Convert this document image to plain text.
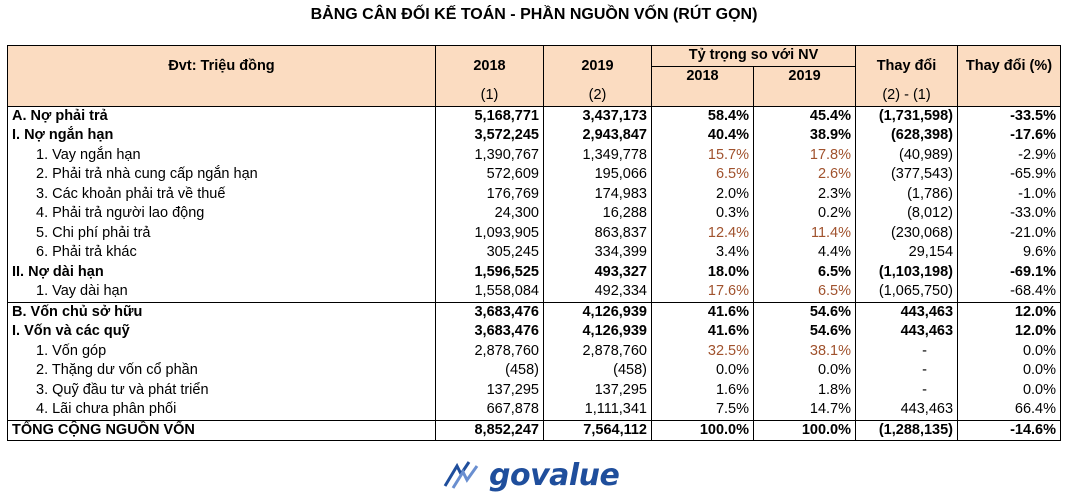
BẢNG CÂN ĐỐI KẾ TOÁN - PHẦN NGUỒN VỐN (RÚT GỌN)
Đvt: Triệu đồng	2018	2019	Tỷ trọng so với NV		Thay đổi	Thay đổi (%)
			2018	2019		
	(1)	(2)			(2) - (1)	
A. Nợ phải trả	5,168,771	3,437,173	58.4%	45.4%	(1,731,598)	-33.5%
I. Nợ ngắn hạn	3,572,245	2,943,847	40.4%	38.9%	(628,398)	-17.6%
1. Vay ngắn hạn	1,390,767	1,349,778	15.7%	17.8%	(40,989)	-2.9%
2. Phải trả nhà cung cấp ngắn hạn	572,609	195,066	6.5%	2.6%	(377,543)	-65.9%
3. Các khoản phải trả về thuế	176,769	174,983	2.0%	2.3%	(1,786)	-1.0%
4. Phải trả người lao động	24,300	16,288	0.3%	0.2%	(8,012)	-33.0%
5. Chi phí phải trả	1,093,905	863,837	12.4%	11.4%	(230,068)	-21.0%
6. Phải trả khác	305,245	334,399	3.4%	4.4%	29,154	9.6%
II. Nợ dài hạn	1,596,525	493,327	18.0%	6.5%	(1,103,198)	-69.1%
1. Vay dài hạn	1,558,084	492,334	17.6%	6.5%	(1,065,750)	-68.4%
B. Vốn chủ sở hữu	3,683,476	4,126,939	41.6%	54.6%	443,463	12.0%
I. Vốn và các quỹ	3,683,476	4,126,939	41.6%	54.6%	443,463	12.0%
1. Vốn góp	2,878,760	2,878,760	32.5%	38.1%	-	0.0%
2. Thặng dư vốn cổ phần	(458)	(458)	0.0%	0.0%	-	0.0%
3. Quỹ đầu tư và phát triển	137,295	137,295	1.6%	1.8%	-	0.0%
4. Lãi chưa phân phối	667,878	1,111,341	7.5%	14.7%	443,463	66.4%
TỔNG CỘNG NGUỒN VỐN	8,852,247	7,564,112	100.0%	100.0%	(1,288,135)	-14.6%
govalue
